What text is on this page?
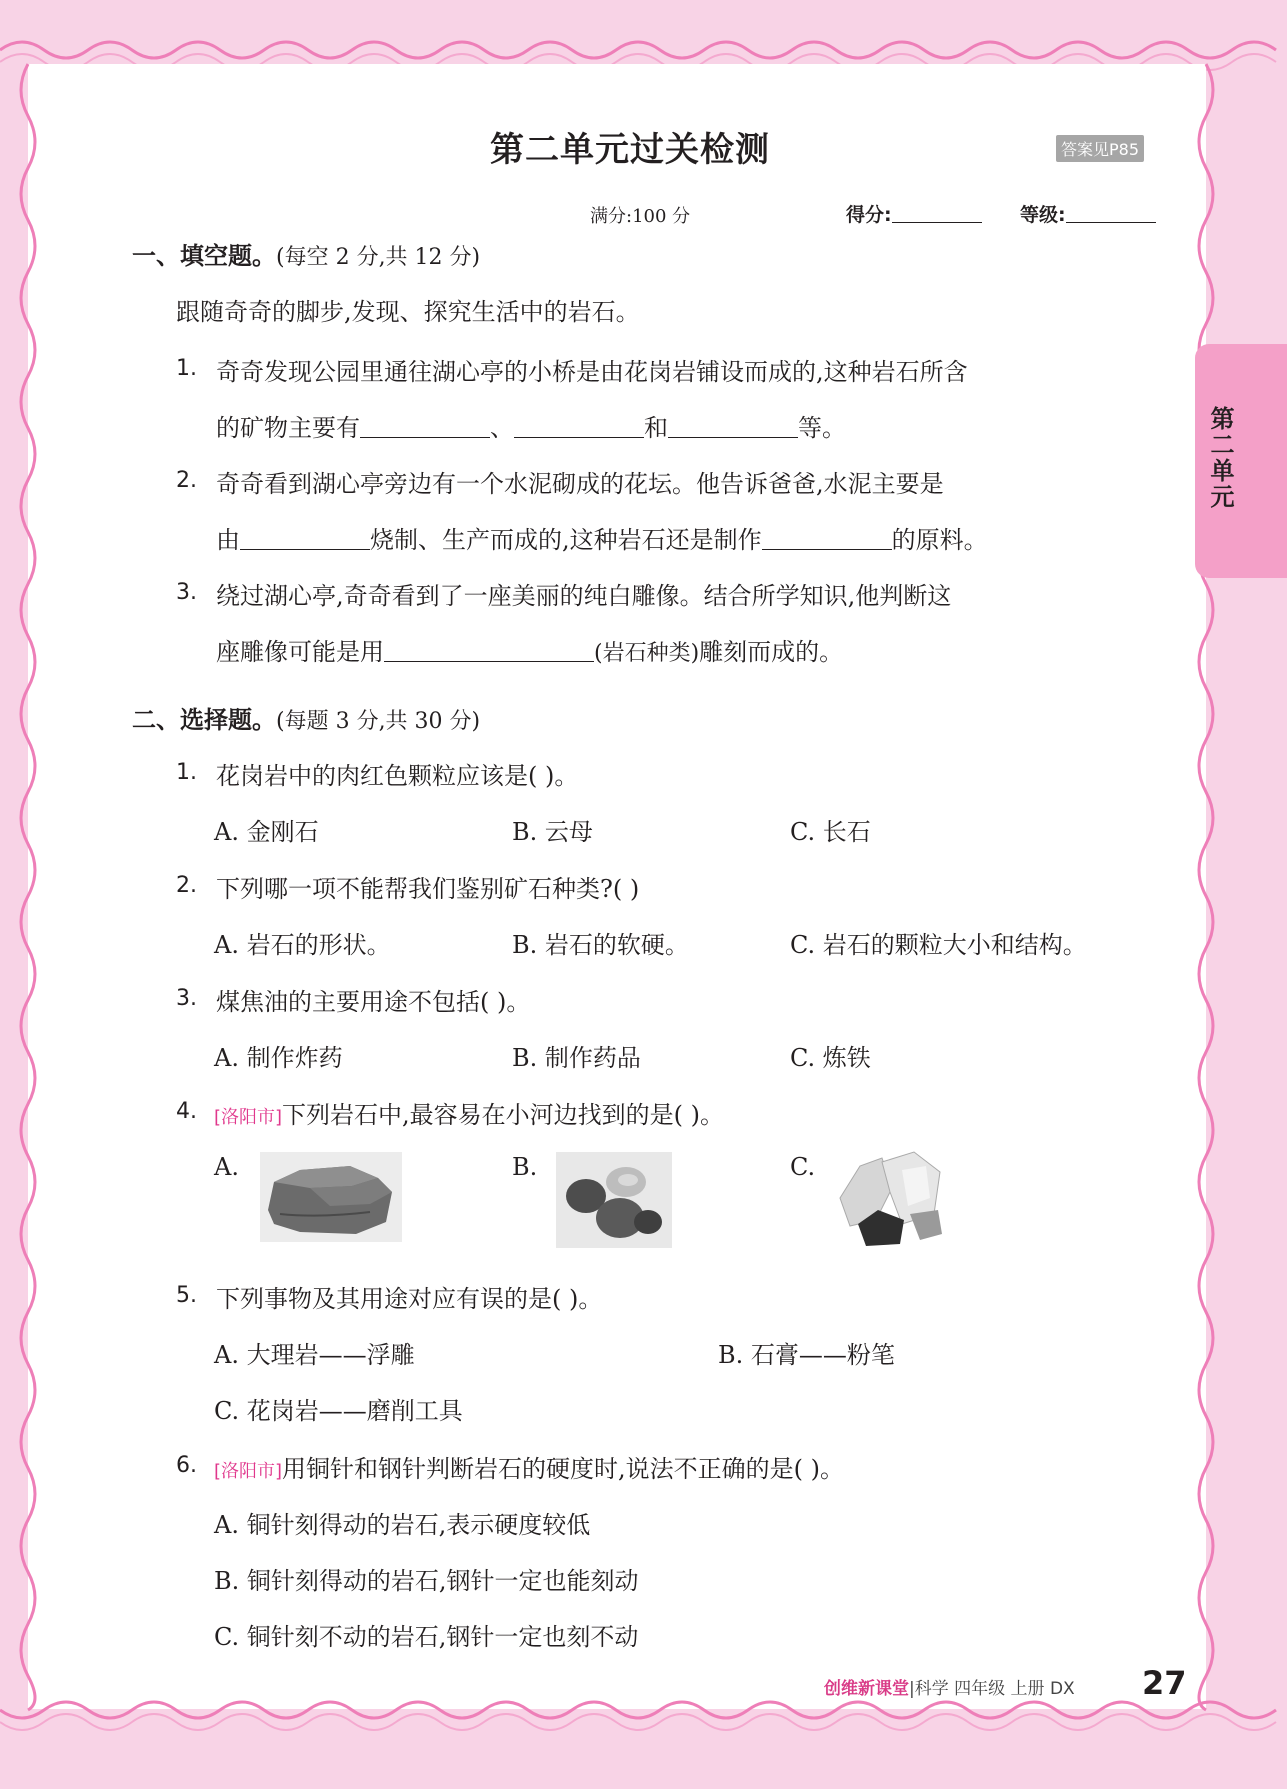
第二单元
第二单元过关检测	答案见P85
满分:100 分	得分:	等级:
一、填空题。(每空 2 分,共 12 分)
跟随奇奇的脚步,发现、探究生活中的岩石。
1. 奇奇发现公园里通往湖心亭的小桥是由花岗岩铺设而成的,这种岩石所含
的矿物主要有	、	和	等。
2. 奇奇看到湖心亭旁边有一个水泥砌成的花坛。他告诉爸爸,水泥主要是
由	烧制、生产而成的,这种岩石还是制作	的原料。
3. 绕过湖心亭,奇奇看到了一座美丽的纯白雕像。结合所学知识,他判断这
座雕像可能是用	(岩石种类)雕刻而成的。
二、选择题。(每题 3 分,共 30 分)
1. 花岗岩中的肉红色颗粒应该是( )。
A. 金刚石	B. 云母	C. 长石
2. 下列哪一项不能帮我们鉴别矿石种类?( )
A. 岩石的形状。	B. 岩石的软硬。	C. 岩石的颗粒大小和结构。
3. 煤焦油的主要用途不包括( )。
A. 制作炸药	B. 制作药品	C. 炼铁
4. [洛阳市]下列岩石中,最容易在小河边找到的是( )。
A.	B.	C.
5. 下列事物及其用途对应有误的是( )。
A. 大理岩——浮雕	B. 石膏——粉笔
C. 花岗岩——磨削工具
6. [洛阳市]用铜针和钢针判断岩石的硬度时,说法不正确的是( )。
A. 铜针刻得动的岩石,表示硬度较低
B. 铜针刻得动的岩石,钢针一定也能刻动
C. 铜针刻不动的岩石,钢针一定也刻不动
创维新课堂|科学 四年级 上册 DX 27
